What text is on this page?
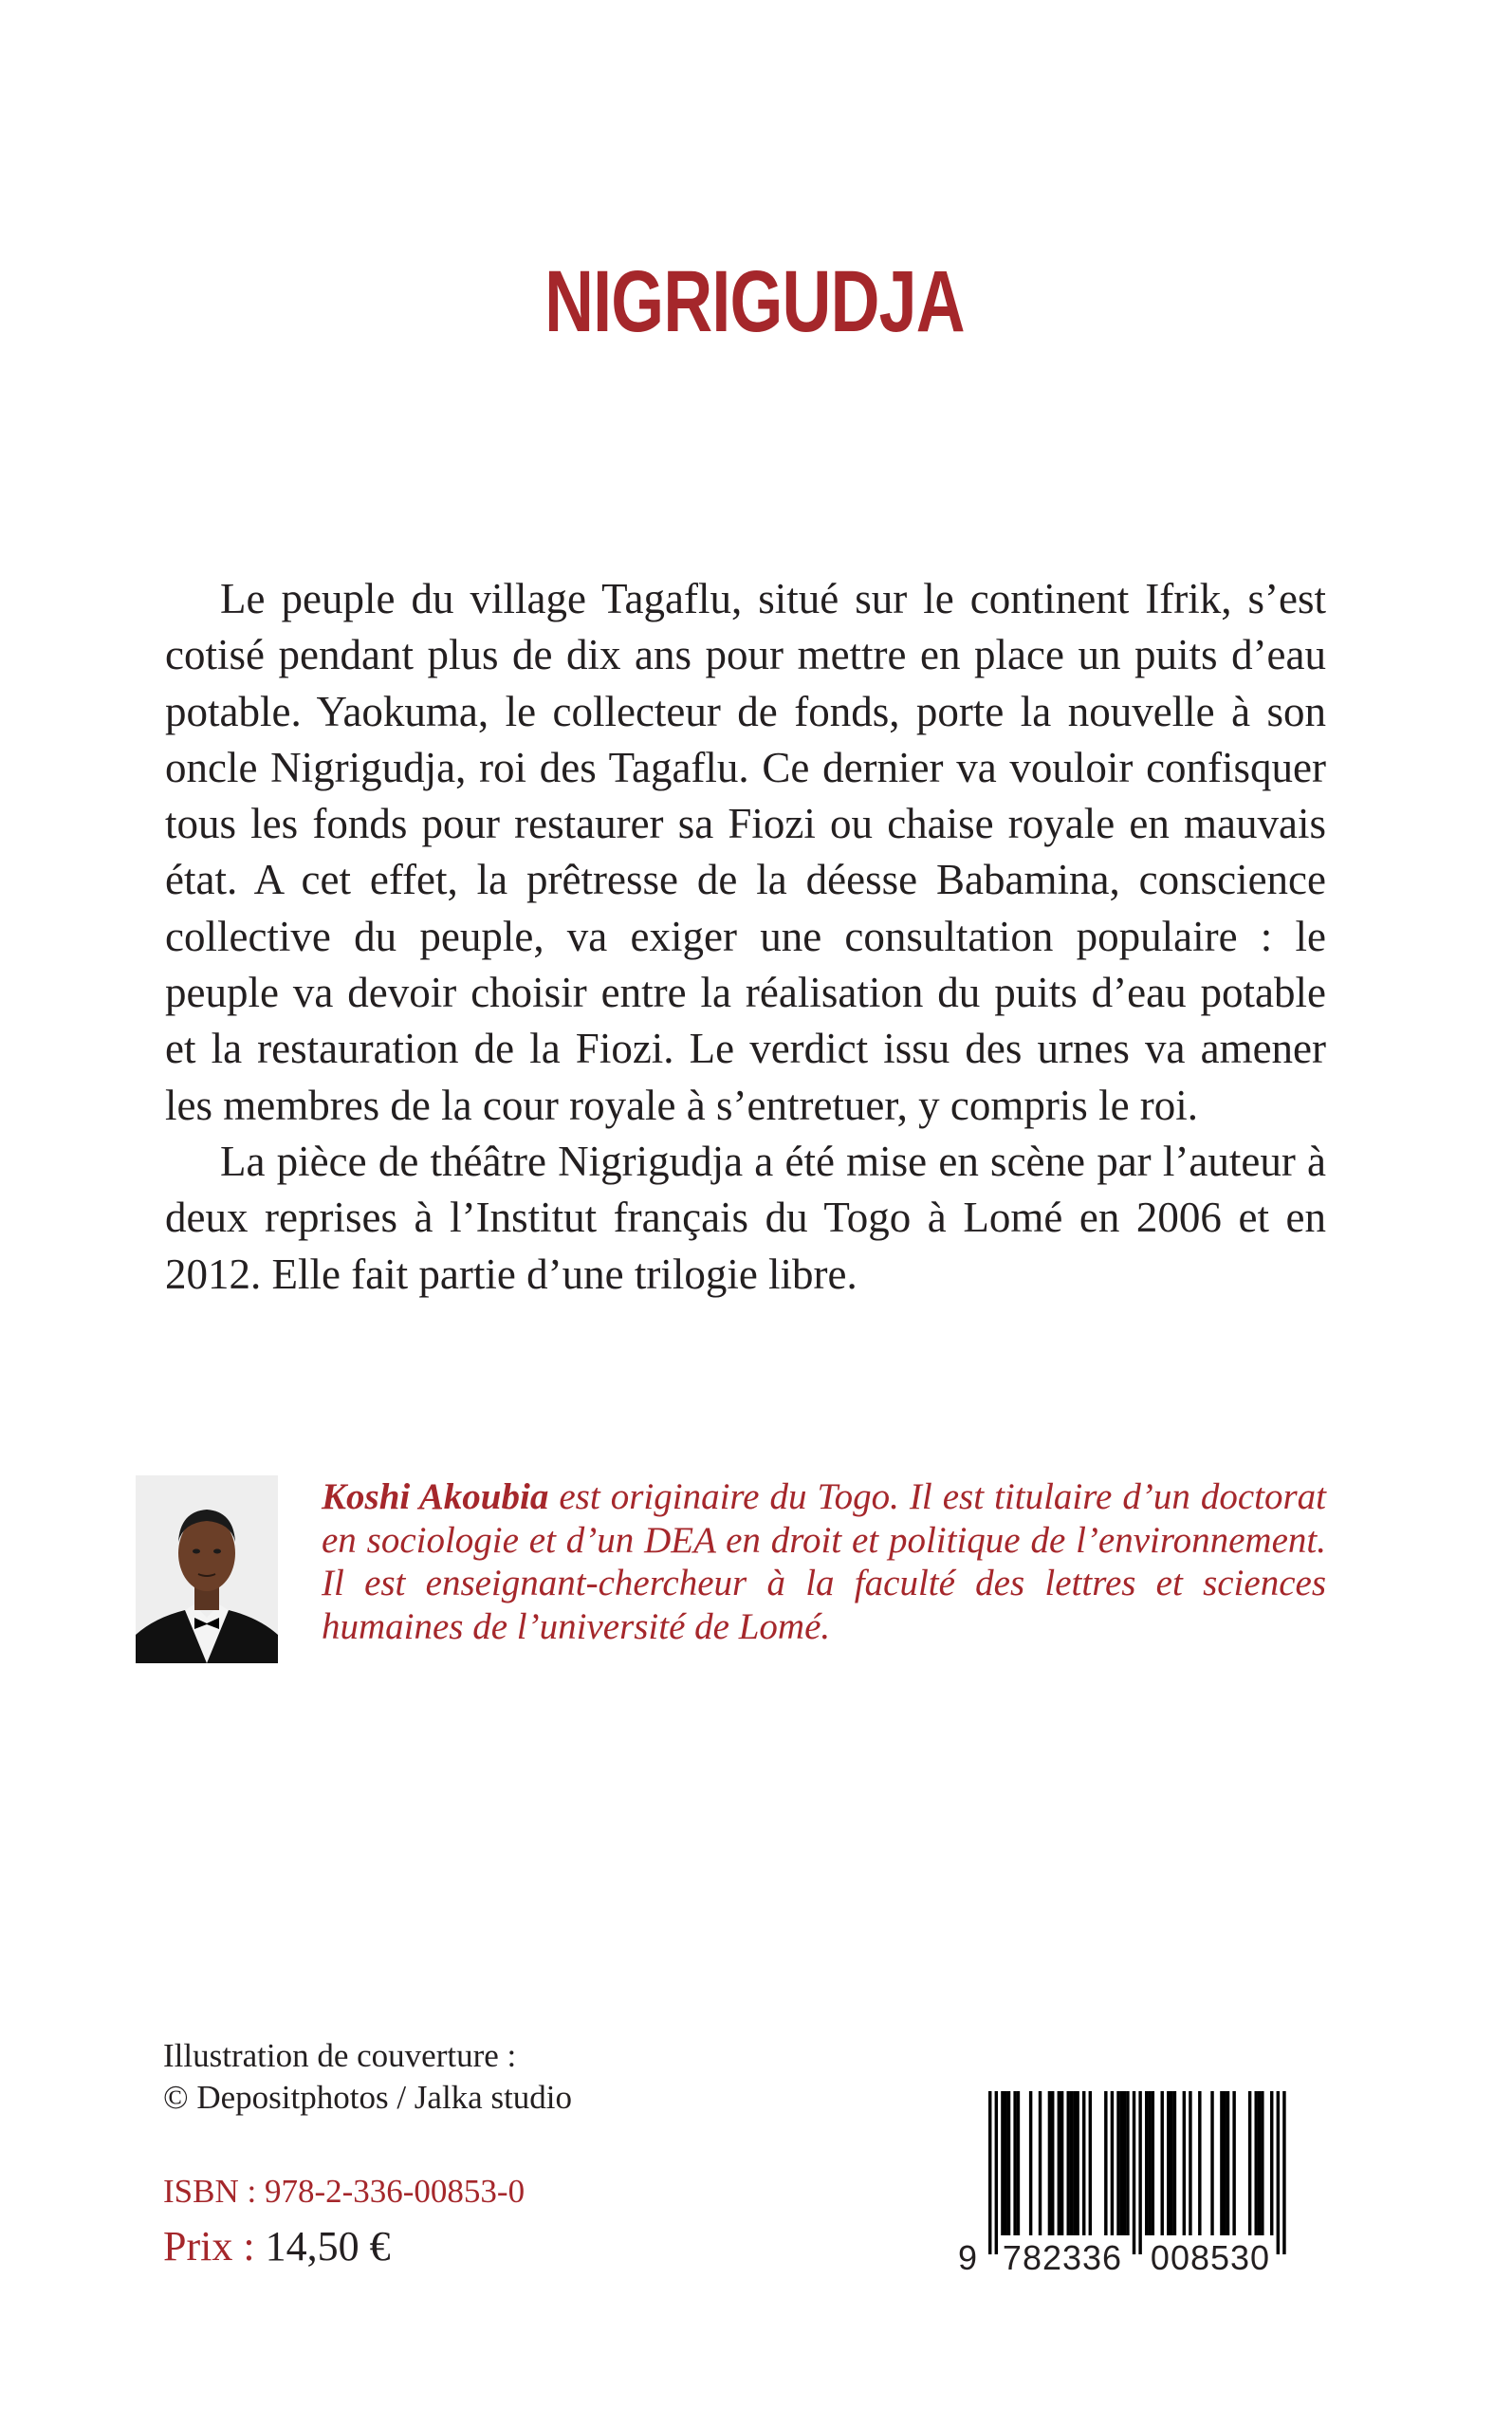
NIGRIGUDJA

Le peuple du village Tagaflu, situé sur le continent Ifrik, s’est cotisé pendant plus de dix ans pour mettre en place un puits d’eau potable. Yaokuma, le collecteur de fonds, porte la nouvelle à son oncle Nigrigudja, roi des Tagaflu. Ce dernier va vouloir confisquer tous les fonds pour restaurer sa Fiozi ou chaise royale en mauvais état. A cet effet, la prêtresse de la déesse Babamina, conscience collective du peuple, va exiger une consultation populaire : le peuple va devoir choisir entre la réalisation du puits d’eau potable et la restauration de la Fiozi. Le verdict issu des urnes va amener les membres de la cour royale à s’entretuer, y compris le roi.

La pièce de théâtre Nigrigudja a été mise en scène par l’auteur à deux reprises à l’Institut français du Togo à Lomé en 2006 et en 2012. Elle fait partie d’une trilogie libre.

Koshi Akoubia est originaire du Togo. Il est titulaire d’un doctorat en sociologie et d’un DEA en droit et politique de l’environnement. Il est enseignant-chercheur à la faculté des lettres et sciences humaines de l’université de Lomé.

Illustration de couverture :
© Depositphotos / Jalka studio
ISBN : 978-2-336-00853-0
Prix : 14,50 €	9 782336 008530
